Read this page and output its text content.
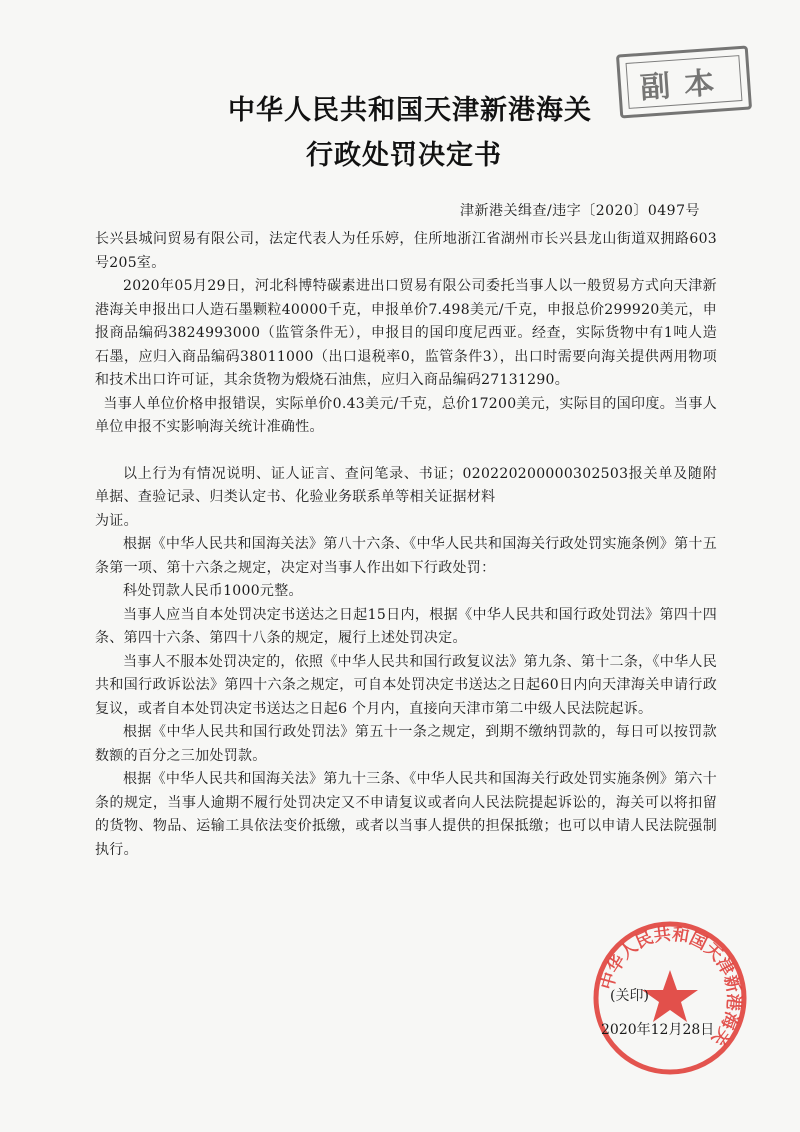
副本
中华人民共和国天津新港海关
行政处罚决定书
津新港关缉查/违字〔2020〕0497号

长兴县城问贸易有限公司，法定代表人为任乐婷，住所地浙江省湖州市长兴县龙山街道双拥路603号205室。

2020年05月29日，河北科博特碳素进出口贸易有限公司委托当事人以一般贸易方式向天津新港海关申报出口人造石墨颗粒40000千克，申报单价7.498美元/千克，申报总价299920美元，申报商品编码3824993000（监管条件无），申报目的国印度尼西亚。经查，实际货物中有1吨人造石墨，应归入商品编码38011000（出口退税率0，监管条件3），出口时需要向海关提供两用物项和技术出口许可证，其余货物为煅烧石油焦，应归入商品编码27131290。

当事人单位价格申报错误，实际单价0.43美元/千克，总价17200美元，实际目的国印度。当事人单位申报不实影响海关统计准确性。

以上行为有情况说明、证人证言、查问笔录、书证；020220200000302503报关单及随附单据、查验记录、归类认定书、化验业务联系单等相关证据材料

为证。

根据《中华人民共和国海关法》第八十六条、《中华人民共和国海关行政处罚实施条例》第十五条第一项、第十六条之规定，决定对当事人作出如下行政处罚：

科处罚款人民币1000元整。

当事人应当自本处罚决定书送达之日起15日内，根据《中华人民共和国行政处罚法》第四十四条、第四十六条、第四十八条的规定，履行上述处罚决定。

当事人不服本处罚决定的，依照《中华人民共和国行政复议法》第九条、第十二条，《中华人民共和国行政诉讼法》第四十六条之规定，可自本处罚决定书送达之日起60日内向天津海关申请行政复议，或者自本处罚决定书送达之日起6 个月内，直接向天津市第二中级人民法院起诉。

根据《中华人民共和国行政处罚法》第五十一条之规定，到期不缴纳罚款的，每日可以按罚款数额的百分之三加处罚款。

根据《中华人民共和国海关法》第九十三条、《中华人民共和国海关行政处罚实施条例》第六十条的规定，当事人逾期不履行处罚决定又不申请复议或者向人民法院提起诉讼的，海关可以将扣留的货物、物品、运输工具依法变价抵缴，或者以当事人提供的担保抵缴；也可以申请人民法院强制执行。

中华人民共和国天津新港海关
(关印)
2020年12月28日
